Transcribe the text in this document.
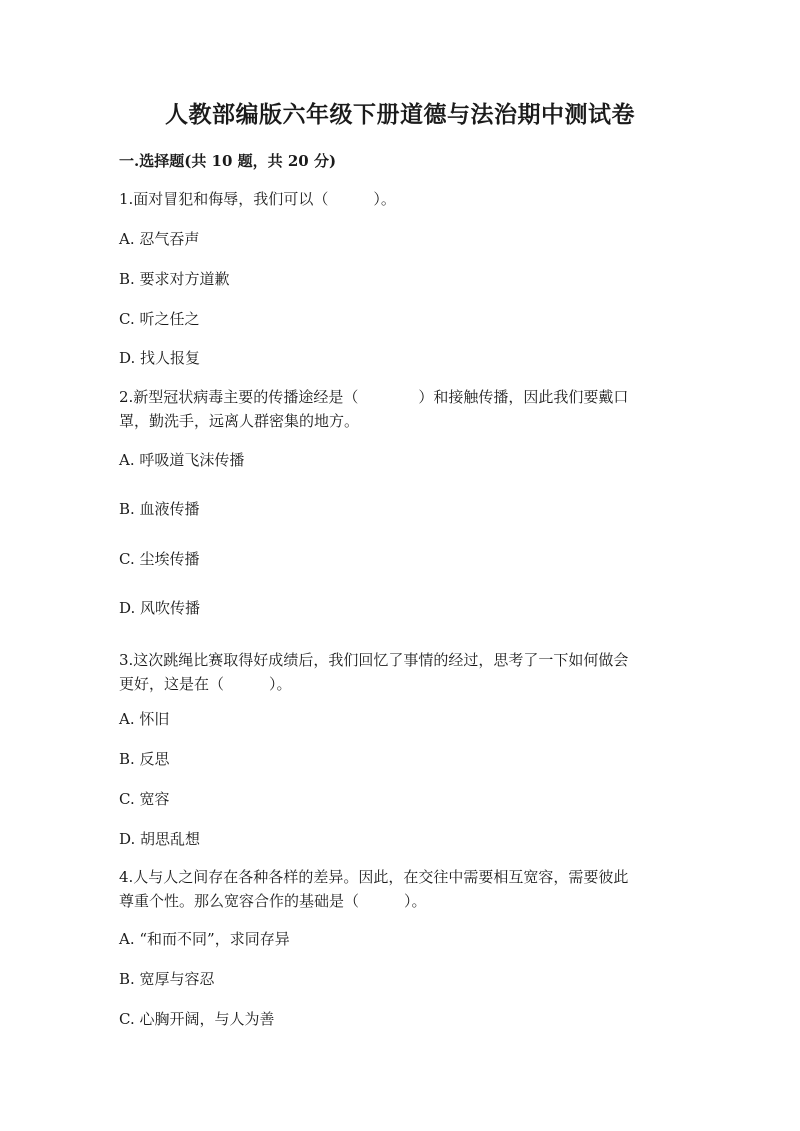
人教部编版六年级下册道德与法治期中测试卷
一.选择题(共 10 题，共 20 分)
1.面对冒犯和侮辱，我们可以（　　　）。
A. 忍气吞声
B. 要求对方道歉
C. 听之任之
D. 找人报复
2.新型冠状病毒主要的传播途经是（　　　　）和接触传播，因此我们要戴口
罩，勤洗手，远离人群密集的地方。
A. 呼吸道飞沫传播
B. 血液传播
C. 尘埃传播
D. 风吹传播
3.这次跳绳比赛取得好成绩后，我们回忆了事情的经过，思考了一下如何做会
更好，这是在（　　　）。
A. 怀旧
B. 反思
C. 宽容
D. 胡思乱想
4.人与人之间存在各种各样的差异。因此，在交往中需要相互宽容，需要彼此
尊重个性。那么宽容合作的基础是（　　　）。
A. “和而不同”，求同存异
B. 宽厚与容忍
C. 心胸开阔，与人为善
